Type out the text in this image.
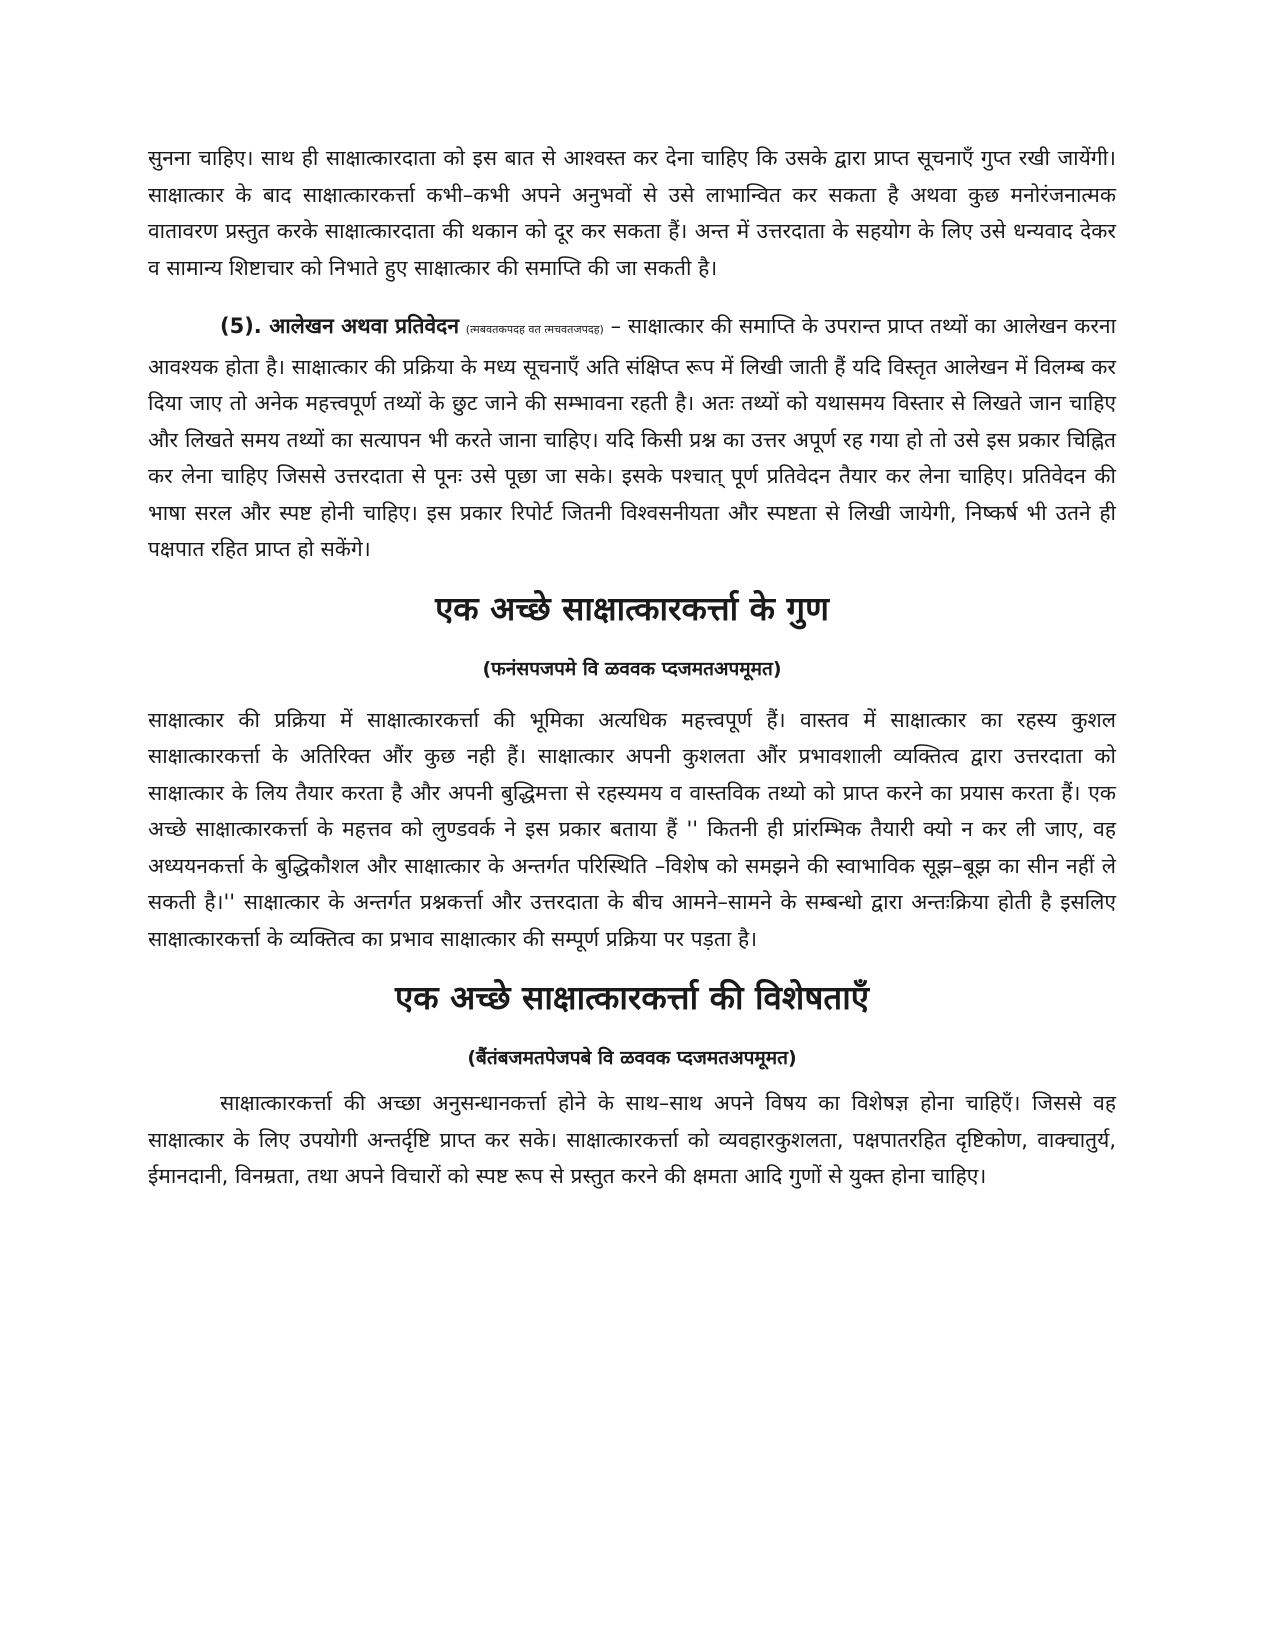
सुनना चाहिए। साथ ही साक्षात्कारदाता को इस बात से आश्वस्त कर देना चाहिए कि उसके द्वारा प्राप्त सूचनाएँ गुप्त रखी जायेंगी। साक्षात्कार के बाद साक्षात्कारकर्त्ता कभी–कभी अपने अनुभवों से उसे लाभान्वित कर सकता है अथवा कुछ मनोरंजनात्मक वातावरण प्रस्तुत करके साक्षात्कारदाता की थकान को दूर कर सकता हैं। अन्त में उत्तरदाता के सहयोग के लिए उसे धन्यवाद देकर व सामान्य शिष्टाचार को निभाते हुए साक्षात्कार की समाप्ति की जा सकती है।

(5). आलेखन अथवा प्रतिवेदन (त्मबवतकपदह वत त्मचवतजपदह) – साक्षात्कार की समाप्ति के उपरान्त प्राप्त तथ्यों का आलेखन करना आवश्यक होता है। साक्षात्कार की प्रक्रिया के मध्य सूचनाएँ अति संक्षिप्त रूप में लिखी जाती हैं यदि विस्तृत आलेखन में विलम्ब कर दिया जाए तो अनेक महत्त्वपूर्ण तथ्यों के छुट जाने की सम्भावना रहती है। अतः तथ्यों को यथासमय विस्तार से लिखते जान चाहिए और लिखते समय तथ्यों का सत्यापन भी करते जाना चाहिए। यदि किसी प्रश्न का उत्तर अपूर्ण रह गया हो तो उसे इस प्रकार चिह्नित कर लेना चाहिए जिससे उत्तरदाता से पूनः उसे पूछा जा सके। इसके पश्चात् पूर्ण प्रतिवेदन तैयार कर लेना चाहिए। प्रतिवेदन की भाषा सरल और स्पष्ट होनी चाहिए। इस प्रकार रिपोर्ट जितनी विश्वसनीयता और स्पष्टता से लिखी जायेगी, निष्कर्ष भी उतने ही पक्षपात रहित प्राप्त हो सकेंगे।

एक अच्छे साक्षात्कारकर्त्ता के गुण
(फनंसपजपमे वि ळववक प्दजमतअपमूमत)

साक्षात्कार की प्रक्रिया में साक्षात्कारकर्त्ता की भूमिका अत्यधिक महत्त्वपूर्ण हैं। वास्तव में साक्षात्कार का रहस्य कुशल साक्षात्कारकर्त्ता के अतिरिक्त औंर कुछ नही हैं। साक्षात्कार अपनी कुशलता औंर प्रभावशाली व्यक्तित्व द्वारा उत्तरदाता को साक्षात्कार के लिय तैयार करता है और अपनी बुद्धिमत्ता से रहस्यमय व वास्तविक तथ्यो को प्राप्त करने का प्रयास करता हैं। एक अच्छे साक्षात्कारकर्त्ता के महत्तव को लुण्डवर्क ने इस प्रकार बताया हैं '' कितनी ही प्रांरम्भिक तैयारी क्यो न कर ली जाए, वह अध्ययनकर्त्ता के बुद्धिकौशल और साक्षात्कार के अन्तर्गत परिस्थिति –विशेष को समझने की स्वाभाविक सूझ–बूझ का सीन नहीं ले सकती है।'' साक्षात्कार के अन्तर्गत प्रश्नकर्त्ता और उत्तरदाता के बीच आमने–सामने के सम्बन्धो द्वारा अन्तःक्रिया होती है इसलिए साक्षात्कारकर्त्ता के व्यक्तित्व का प्रभाव साक्षात्कार की सम्पूर्ण प्रक्रिया पर पड़ता है।

एक अच्छे साक्षात्कारकर्त्ता की विशेषताएँ
(बैंतंबजमतपेजपबे वि ळववक प्दजमतअपमूमत)

साक्षात्कारकर्त्ता की अच्छा अनुसन्धानकर्त्ता होने के साथ–साथ अपने विषय का विशेषज्ञ होना चाहिएँ। जिससे वह साक्षात्कार के लिए उपयोगी अन्तर्दृष्टि प्राप्त कर सके। साक्षात्कारकर्त्ता को व्यवहारकुशलता, पक्षपातरहित दृष्टिकोण, वाक्चातुर्य, ईमानदानी, विनम्रता, तथा अपने विचारों को स्पष्ट रूप से प्रस्तुत करने की क्षमता आदि गुणों से युक्त होना चाहिए।
